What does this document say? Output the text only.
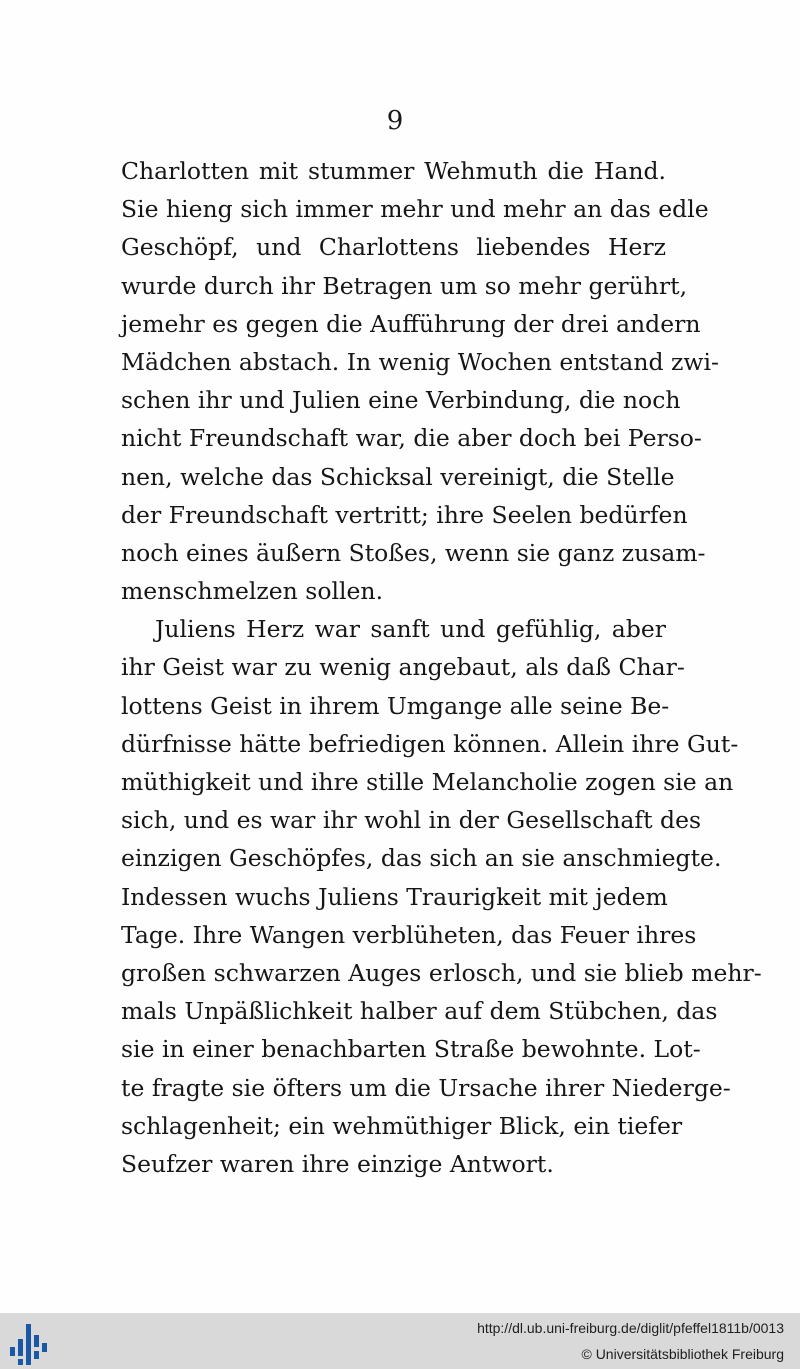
9
Charlotten mit stummer Wehmuth die Hand.
Sie hieng sich immer mehr und mehr an das edle
Geschöpf, und Charlottens liebendes Herz
wurde durch ihr Betragen um so mehr gerührt,
jemehr es gegen die Aufführung der drei andern
Mädchen abstach. In wenig Wochen entstand zwi-
schen ihr und Julien eine Verbindung, die noch
nicht Freundschaft war, die aber doch bei Perso-
nen, welche das Schicksal vereinigt, die Stelle
der Freundschaft vertritt; ihre Seelen bedürfen
noch eines äußern Stoßes, wenn sie ganz zusam-
menschmelzen sollen.
Juliens Herz war sanft und gefühlig, aber
ihr Geist war zu wenig angebaut, als daß Char-
lottens Geist in ihrem Umgange alle seine Be-
dürfnisse hätte befriedigen können. Allein ihre Gut-
müthigkeit und ihre stille Melancholie zogen sie an
sich, und es war ihr wohl in der Gesellschaft des
einzigen Geschöpfes, das sich an sie anschmiegte.
Indessen wuchs Juliens Traurigkeit mit jedem
Tage. Ihre Wangen verblüheten, das Feuer ihres
großen schwarzen Auges erlosch, und sie blieb mehr-
mals Unpäßlichkeit halber auf dem Stübchen, das
sie in einer benachbarten Straße bewohnte. Lot-
te fragte sie öfters um die Ursache ihrer Niederge-
schlagenheit; ein wehmüthiger Blick, ein tiefer
Seufzer waren ihre einzige Antwort.
http://dl.ub.uni-freiburg.de/diglit/pfeffel1811b/0013
© Universitätsbibliothek Freiburg
